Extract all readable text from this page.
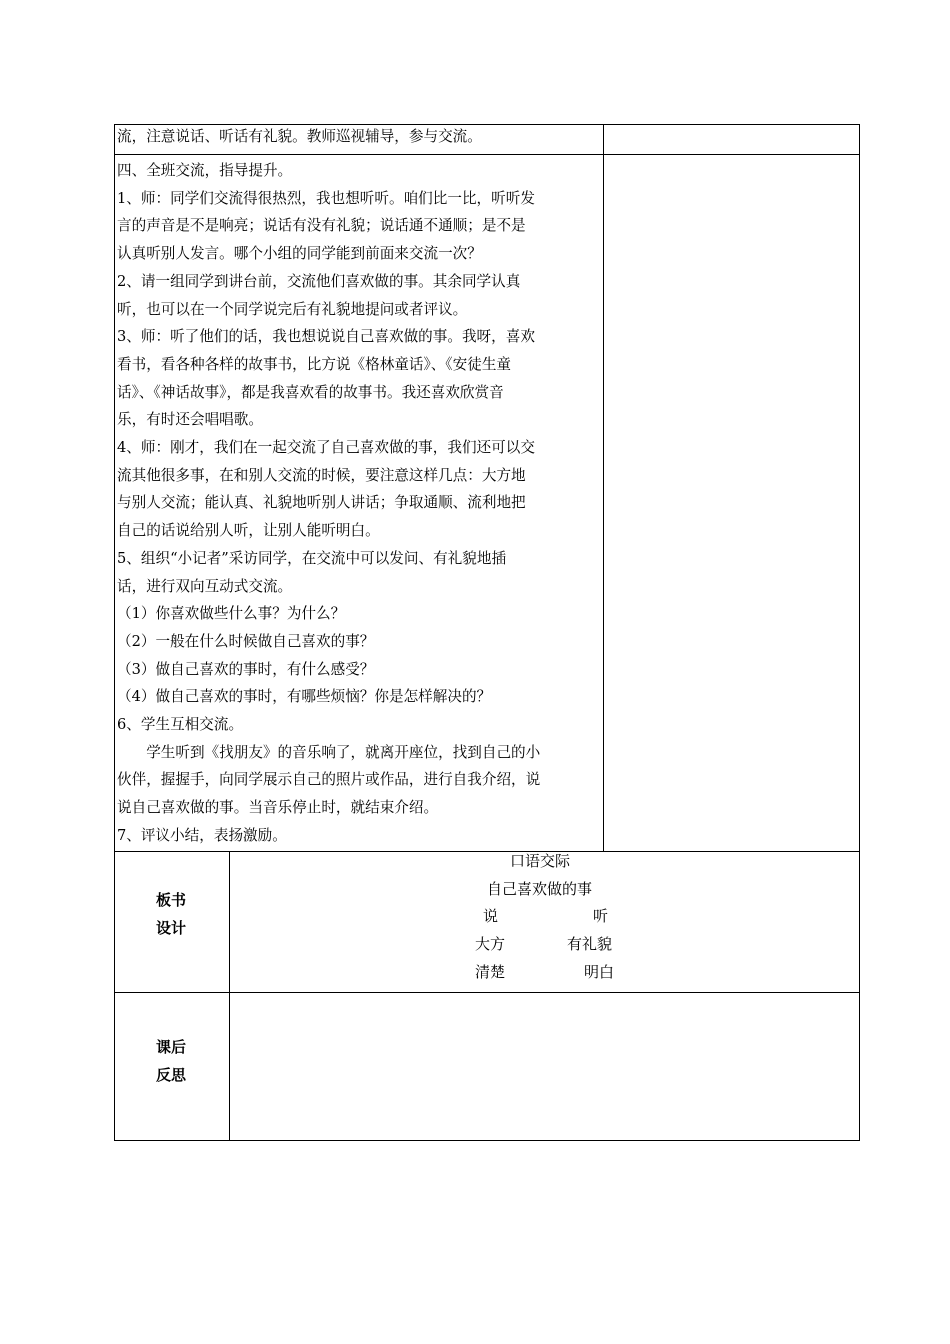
流，注意说话、听话有礼貌。教师巡视辅导，参与交流。
四、全班交流，指导提升。
1、师：同学们交流得很热烈，我也想听听。咱们比一比，听听发
言的声音是不是响亮；说话有没有礼貌；说话通不通顺；是不是
认真听别人发言。哪个小组的同学能到前面来交流一次？
2、请一组同学到讲台前，交流他们喜欢做的事。其余同学认真
听，也可以在一个同学说完后有礼貌地提问或者评议。
3、师：听了他们的话，我也想说说自己喜欢做的事。我呀，喜欢
看书，看各种各样的故事书，比方说《格林童话》、《安徒生童
话》、《神话故事》，都是我喜欢看的故事书。我还喜欢欣赏音
乐，有时还会唱唱歌。
4、师：刚才，我们在一起交流了自己喜欢做的事，我们还可以交
流其他很多事，在和别人交流的时候，要注意这样几点：大方地
与别人交流；能认真、礼貌地听别人讲话；争取通顺、流利地把
自己的话说给别人听，让别人能听明白。
5、组织“小记者”采访同学，在交流中可以发问、有礼貌地插
话，进行双向互动式交流。
（1）你喜欢做些什么事？为什么？
（2）一般在什么时候做自己喜欢的事？
（3）做自己喜欢的事时，有什么感受？
（4）做自己喜欢的事时，有哪些烦恼？你是怎样解决的？
6、学生互相交流。
　　学生听到《找朋友》的音乐响了，就离开座位，找到自己的小
伙伴，握握手，向同学展示自己的照片或作品，进行自我介绍，说
说自己喜欢做的事。当音乐停止时，就结束介绍。
7、评议小结，表扬激励。
板书
设计
口语交际
自己喜欢做的事
说	听
大方	有礼貌
清楚	明白
课后
反思
